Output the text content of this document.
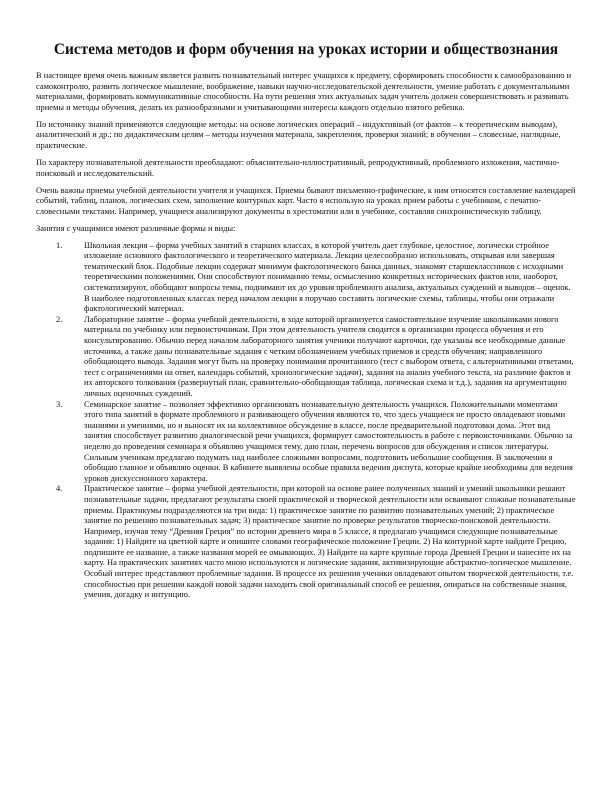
Система методов и форм обучения на уроках истории и обществознания

В настоящее время очень важным является развить познавательный интерес учащихся к предмету, сформировать способности к самообразованию и самоконтролю, развить логическое мышление, воображение, навыки научно-исследовательской деятельности, умение работать с документальными материалами, формировать коммуникативные способности. На пути решения этих актуальных задач учитель должен совершенствовать и развивать приемы и методы обучения, делать их разнообразными и учитывающими интересы каждого отдельно взятого ребенка.

По источнику знаний применяются следующие методы: на основе логических операций – индуктивный (от фактов – к теоретическим выводам), аналитический и др.; по дидактическим целям – методы изучения материала, закрепления, проверки знаний; в обучении – словесные, наглядные, практические.

По характеру познавательной деятельности преобладают: объяснительно-иллюстративный, репродуктивный, проблемного изложения, частично-поисковый и исследовательский.

Очень важны приемы учебной деятельности учителя и учащихся. Приемы бывают письменно-графические, к ним относятся составление календарей событий, таблиц, планов, логических схем, заполнение контурных карт. Часто я использую на уроках прием работы с учебником, с печатно-словесными текстами. Например, учащиеся анализируют документы в хрестоматии или в учебнике, составляя синхронистическую таблицу.

Занятия с учащимися имеют различные формы и виды:

1.	Школьная лекция – форма учебных занятий в старших классах, в которой учитель дает глубокое, целостное, логически стройное изложение основного фактологического и теоретического материала. Лекции целесообразно использовать, открывая или завершая тематический блок. Подобные лекции содержат минимум фактологического банка данных, знакомят старшеклассников с исходными теоретическими положениями. Они способствуют пониманию темы, осмыслению конкретных исторических фактов или, наоборот, систематизируют, обобщают вопросы темы, поднимают их до уровня проблемного анализа, актуальных суждений и выводов – оценок. В наиболее подготовленных классах перед началом лекции я поручаю составить логические схемы, таблицы, чтобы они отражали фактологический материал.
2.	Лабораторное занятие – форма учебной деятельности, в ходе которой организуется самостоятельное изучение школьниками нового материала по учебнику или первоисточникам. При этом деятельность учителя сводится к организации процесса обучения и его консультированию. Обычно перед началом лабораторного занятия ученики получают карточки, где указаны все необходимые данные источника, а также даны познавательные задания с четким обозначением учебных приемов и средств обучения; направленного обобщающего вывода. Задания могут быть на проверку понимания прочитанного (тест с выбором ответа, с альтернативными ответами, тест с ограничениями на ответ, календарь событий, хронологические задачи), задания на анализ учебного текста, на различие фактов и их авторского толкования (развернутый план, сравнительно-обобщающая таблица, логическая схема и т.д.), задания на аргументацию личных оценочных суждений.
3.	Семинарское занятие – позволяет эффективно организовать познавательную деятельность учащихся. Положительными моментами этого типа занятий в формате проблемного и развивающего обучения являются то, что здесь учащиеся не просто овладевают новыми знаниями и умениями, но и выносят их на коллективное обсуждение в классе, после предварительной подготовки дома. Этот вид занятия способствует развитию диалогической речи учащихся, формирует самостоятельность в работе с первоисточниками. Обычно за неделю до проведения семинара я объявляю учащимся тему, даю план, перечень вопросов для обсуждения и список литературы. Сильным ученикам предлагаю подумать над наиболее сложными вопросами, подготовить небольшие сообщения. В заключении я обобщаю главное и объявляю оценки. В кабинете выявлены особые правила ведения диспута, которые крайне необходимы для ведения уроков дискуссионного характера.
4.	Практическое занятие – форма учебной деятельности, при которой на основе ранее полученных знаний и умений школьники решают познавательные задачи, предлагают результаты своей практической и творческой деятельности или осваивают сложные познавательные приемы. Практикумы подразделяются на три вида: 1) практическое занятие по развитию познавательных умений; 2) практическое занятие по решению познавательных задач; 3) практическое занятие по проверке результатов творческо-поисковой деятельности. Например, изучая тему “Древняя Греция” по истории древнего мира в 5 классе, я предлагаю учащимся следующие познавательные задания: 1) Найдите на цветной карте и опишите словами географическое положение Греции. 2) На контурной карте найдите Грецию, подпишите ее название, а также названия морей ее омывающих. 3) Найдите на карте крупные города Древней Греции и нанесите их на карту. На практических занятиях часто мною используются и логические задания, активизирующие абстрактно-логическое мышление. Особый интерес представляют проблемные задания. В процессе их решения ученики овладевают опытом творческой деятельности, т.е. способностью при решении каждой новой задачи находить свой оригинальный способ ее решения, опираться на собственные знания, умения, догадку и интуицию.
